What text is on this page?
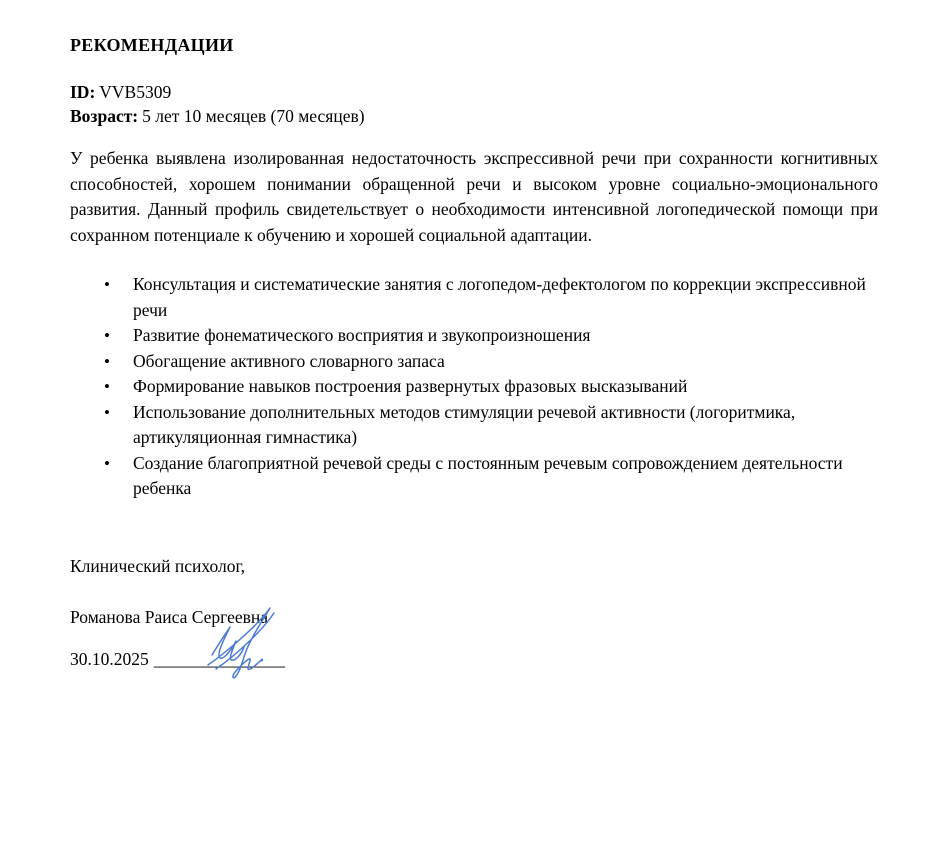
РЕКОМЕНДАЦИИ
ID: VVB5309
Возраст: 5 лет 10 месяцев (70 месяцев)

У ребенка выявлена изолированная недостаточность экспрессивной речи при сохранности когнитивных способностей, хорошем понимании обращенной речи и высоком уровне социально-эмоционального развития. Данный профиль свидетельствует о необходимости интенсивной логопедической помощи при сохранном потенциале к обучению и хорошей социальной адаптации.

• Консультация и систематические занятия с логопедом-дефектологом по коррекции экспрессивной речи
• Развитие фонематического восприятия и звукопроизношения
• Обогащение активного словарного запаса
• Формирование навыков построения развернутых фразовых высказываний
• Использование дополнительных методов стимуляции речевой активности (логоритмика, артикуляционная гимнастика)
• Создание благоприятной речевой среды с постоянным речевым сопровождением деятельности ребенка
Клинический психолог,
Романова Раиса Сергеевна
30.10.2025 _______________
